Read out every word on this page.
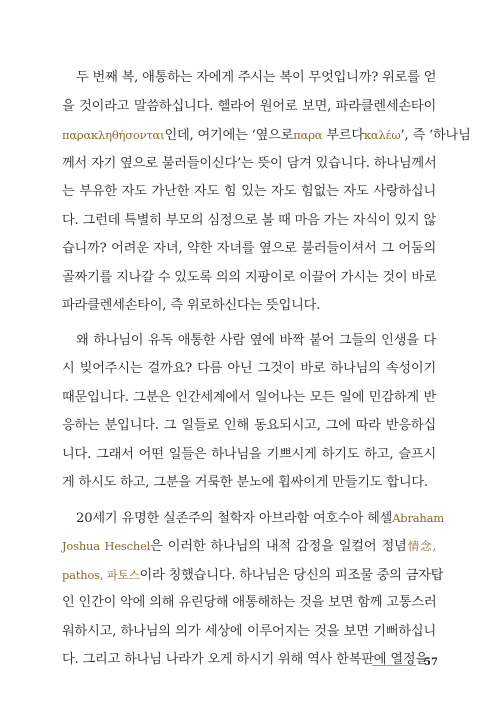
두 번째 복, 애통하는 자에게 주시는 복이 무엇입니까? 위로를 얻
을 것이라고 말씀하십니다. 헬라어 원어로 보면, 파라클렌세손타이
παρακληθήσονται인데, 여기에는 ‘옆으로παρα 부르다καλέω’, 즉 ‘하나님
께서 자기 옆으로 불러들이신다’는 뜻이 담겨 있습니다. 하나님께서
는 부유한 자도 가난한 자도 힘 있는 자도 힘없는 자도 사랑하십니
다. 그런데 특별히 부모의 심정으로 볼 때 마음 가는 자식이 있지 않
습니까? 어려운 자녀, 약한 자녀를 옆으로 불러들이셔서 그 어둠의
골짜기를 지나갈 수 있도록 의의 지팡이로 이끌어 가시는 것이 바로
파라클렌세손타이, 즉 위로하신다는 뜻입니다.
왜 하나님이 유독 애통한 사람 옆에 바짝 붙어 그들의 인생을 다
시 빚어주시는 걸까요? 다름 아닌 그것이 바로 하나님의 속성이기
때문입니다. 그분은 인간세계에서 일어나는 모든 일에 민감하게 반
응하는 분입니다. 그 일들로 인해 동요되시고, 그에 따라 반응하십
니다. 그래서 어떤 일들은 하나님을 기쁘시게 하기도 하고, 슬프시
게 하시도 하고, 그분을 거룩한 분노에 휩싸이게 만들기도 합니다.
20세기 유명한 실존주의 철학자 아브라함 여호수아 헤셀Abraham
Joshua Heschel은 이러한 하나님의 내적 감정을 일컬어 정념情念,
pathos, 파토스이라 칭했습니다. 하나님은 당신의 피조물 중의 금자탑
인 인간이 악에 의해 유린당해 애통해하는 것을 보면 함께 고통스러
워하시고, 하나님의 의가 세상에 이루어지는 것을 보면 기뻐하십니
다. 그리고 하나님 나라가 오게 하시기 위해 역사 한복판에 열정을
57
